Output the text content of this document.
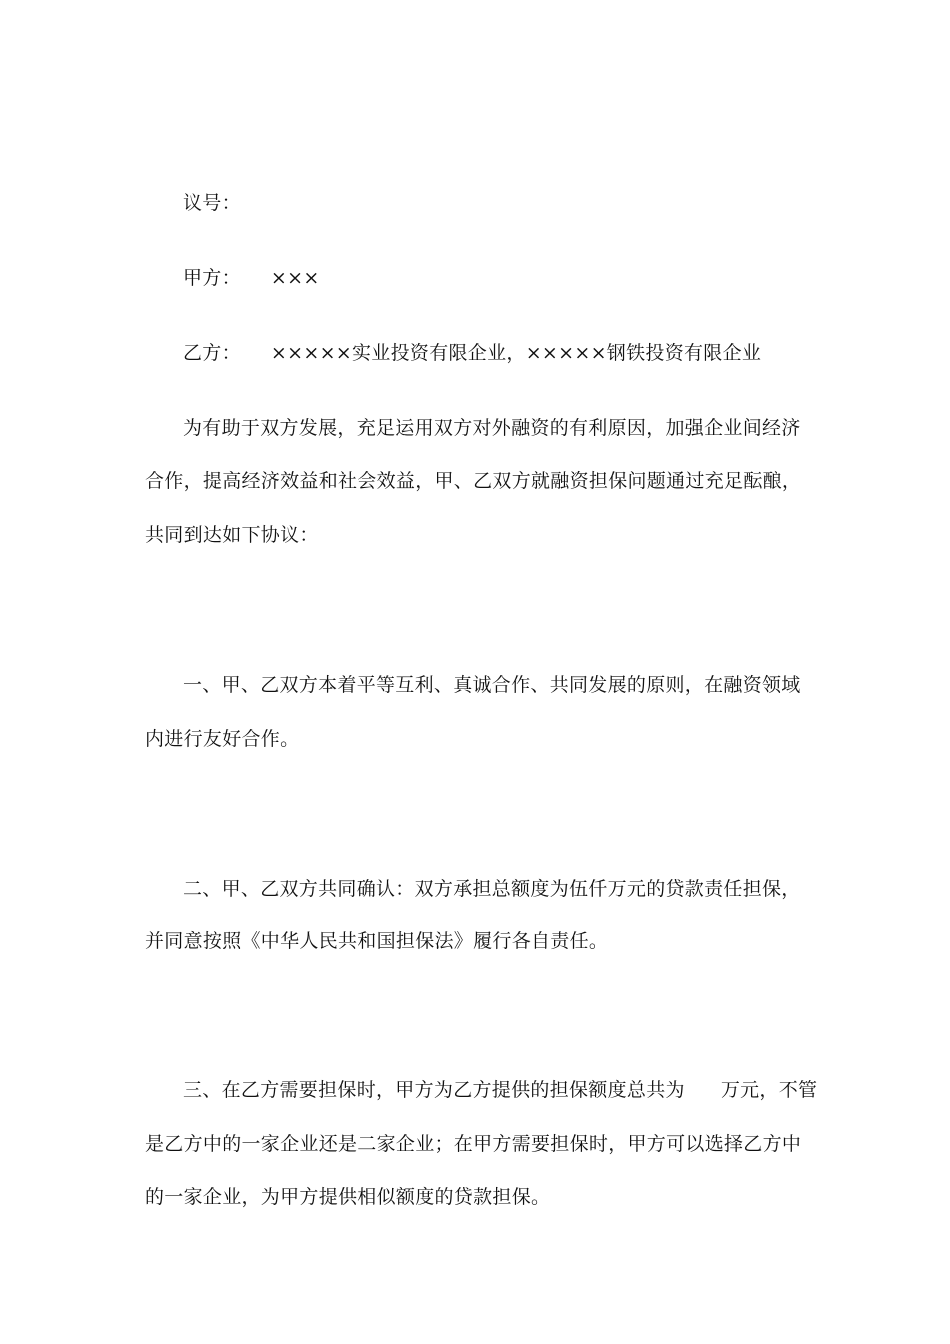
议号：
甲方： ×××
乙方： ×××××实业投资有限企业，×××××钢铁投资有限企业
为有助于双方发展，充足运用双方对外融资的有利原因，加强企业间经济
合作，提高经济效益和社会效益，甲、乙双方就融资担保问题通过充足酝酿，
共同到达如下协议：
一、甲、乙双方本着平等互利、真诚合作、共同发展的原则，在融资领域
内进行友好合作。
二、甲、乙双方共同确认：双方承担总额度为伍仟万元的贷款责任担保，
并同意按照《中华人民共和国担保法》履行各自责任。
三、在乙方需要担保时，甲方为乙方提供的担保额度总共为 万元，不管
是乙方中的一家企业还是二家企业；在甲方需要担保时，甲方可以选择乙方中
的一家企业，为甲方提供相似额度的贷款担保。
